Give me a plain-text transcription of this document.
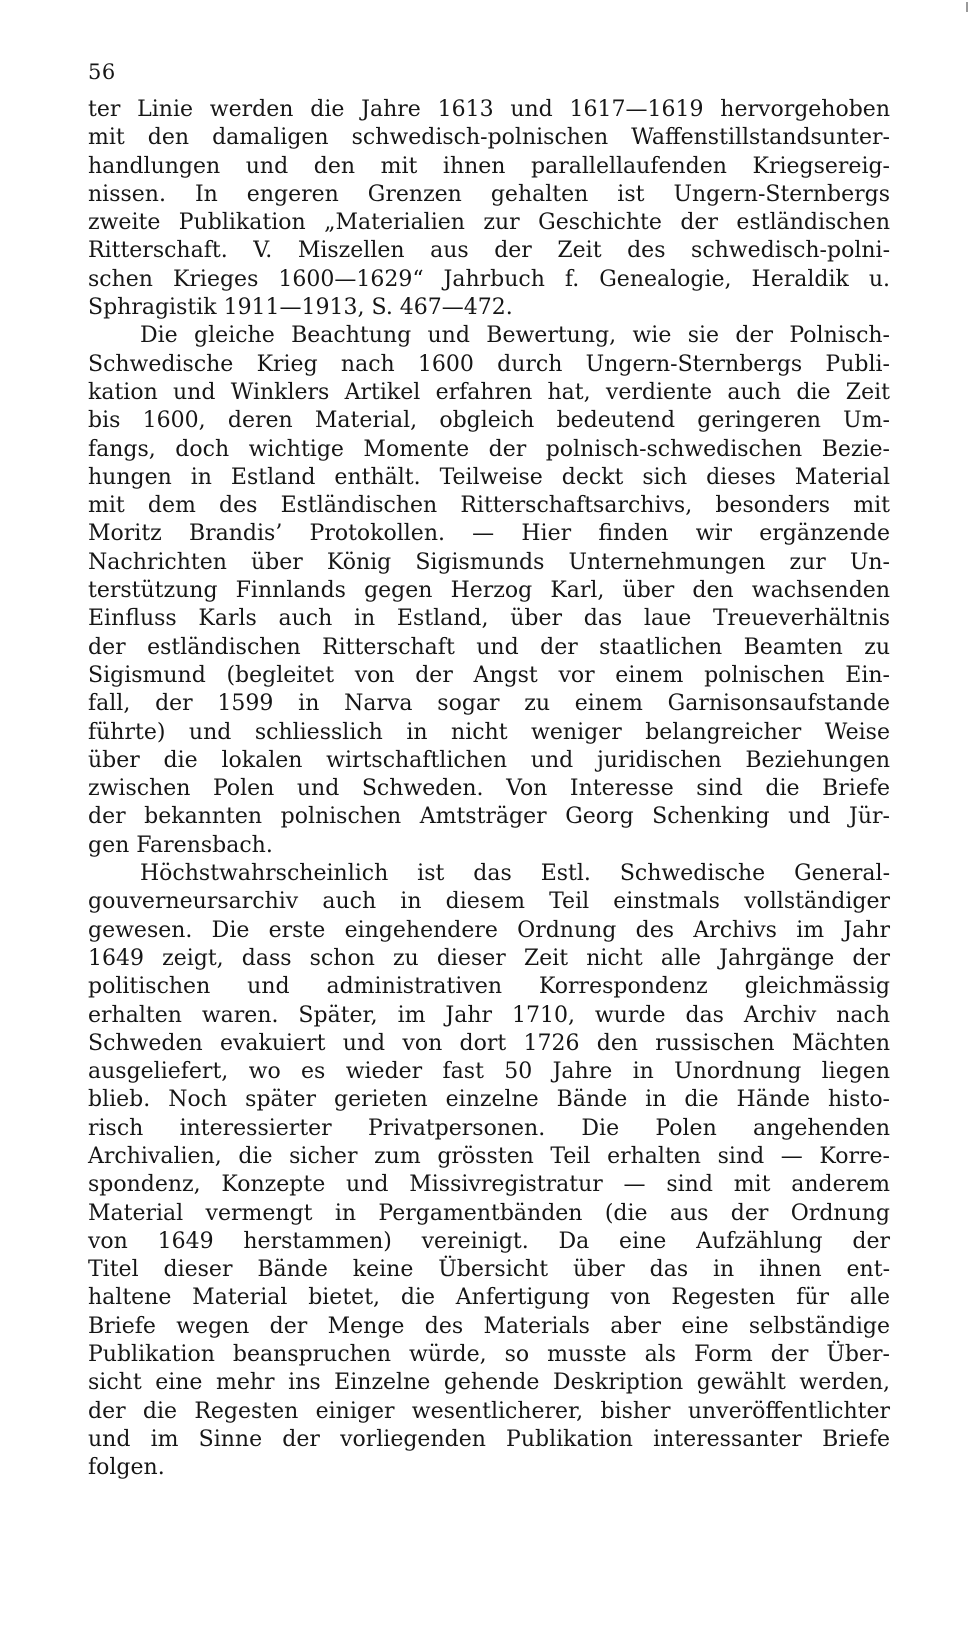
56
ter Linie werden die Jahre 1613 und 1617—1619 hervorgehoben
mit den damaligen schwedisch-polnischen Waffenstillstandsunter-
handlungen und den mit ihnen parallellaufenden Kriegsereig-
nissen. In engeren Grenzen gehalten ist Ungern-Sternbergs
zweite Publikation „Materialien zur Geschichte der estländischen
Ritterschaft. V. Miszellen aus der Zeit des schwedisch-polni-
schen Krieges 1600—1629“ Jahrbuch f. Genealogie, Heraldik u.
Sphragistik 1911—1913, S. 467—472.
Die gleiche Beachtung und Bewertung, wie sie der Polnisch-
Schwedische Krieg nach 1600 durch Ungern-Sternbergs Publi-
kation und Winklers Artikel erfahren hat, verdiente auch die Zeit
bis 1600, deren Material, obgleich bedeutend geringeren Um-
fangs, doch wichtige Momente der polnisch-schwedischen Bezie-
hungen in Estland enthält. Teilweise deckt sich dieses Material
mit dem des Estländischen Ritterschaftsarchivs, besonders mit
Moritz Brandis’ Protokollen. — Hier finden wir ergänzende
Nachrichten über König Sigismunds Unternehmungen zur Un-
terstützung Finnlands gegen Herzog Karl, über den wachsenden
Einfluss Karls auch in Estland, über das laue Treueverhältnis
der estländischen Ritterschaft und der staatlichen Beamten zu
Sigismund (begleitet von der Angst vor einem polnischen Ein-
fall, der 1599 in Narva sogar zu einem Garnisonsaufstande
führte) und schliesslich in nicht weniger belangreicher Weise
über die lokalen wirtschaftlichen und juridischen Beziehungen
zwischen Polen und Schweden. Von Interesse sind die Briefe
der bekannten polnischen Amtsträger Georg Schenking und Jür-
gen Farensbach.
Höchstwahrscheinlich ist das Estl. Schwedische General-
gouverneursarchiv auch in diesem Teil einstmals vollständiger
gewesen. Die erste eingehendere Ordnung des Archivs im Jahr
1649 zeigt, dass schon zu dieser Zeit nicht alle Jahrgänge der
politischen und administrativen Korrespondenz gleichmässig
erhalten waren. Später, im Jahr 1710, wurde das Archiv nach
Schweden evakuiert und von dort 1726 den russischen Mächten
ausgeliefert, wo es wieder fast 50 Jahre in Unordnung liegen
blieb. Noch später gerieten einzelne Bände in die Hände histo-
risch interessierter Privatpersonen. Die Polen angehenden
Archivalien, die sicher zum grössten Teil erhalten sind — Korre-
spondenz, Konzepte und Missivregistratur — sind mit anderem
Material vermengt in Pergamentbänden (die aus der Ordnung
von 1649 herstammen) vereinigt. Da eine Aufzählung der
Titel dieser Bände keine Übersicht über das in ihnen ent-
haltene Material bietet, die Anfertigung von Regesten für alle
Briefe wegen der Menge des Materials aber eine selbständige
Publikation beanspruchen würde, so musste als Form der Über-
sicht eine mehr ins Einzelne gehende Deskription gewählt werden,
der die Regesten einiger wesentlicherer, bisher unveröffentlichter
und im Sinne der vorliegenden Publikation interessanter Briefe
folgen.
